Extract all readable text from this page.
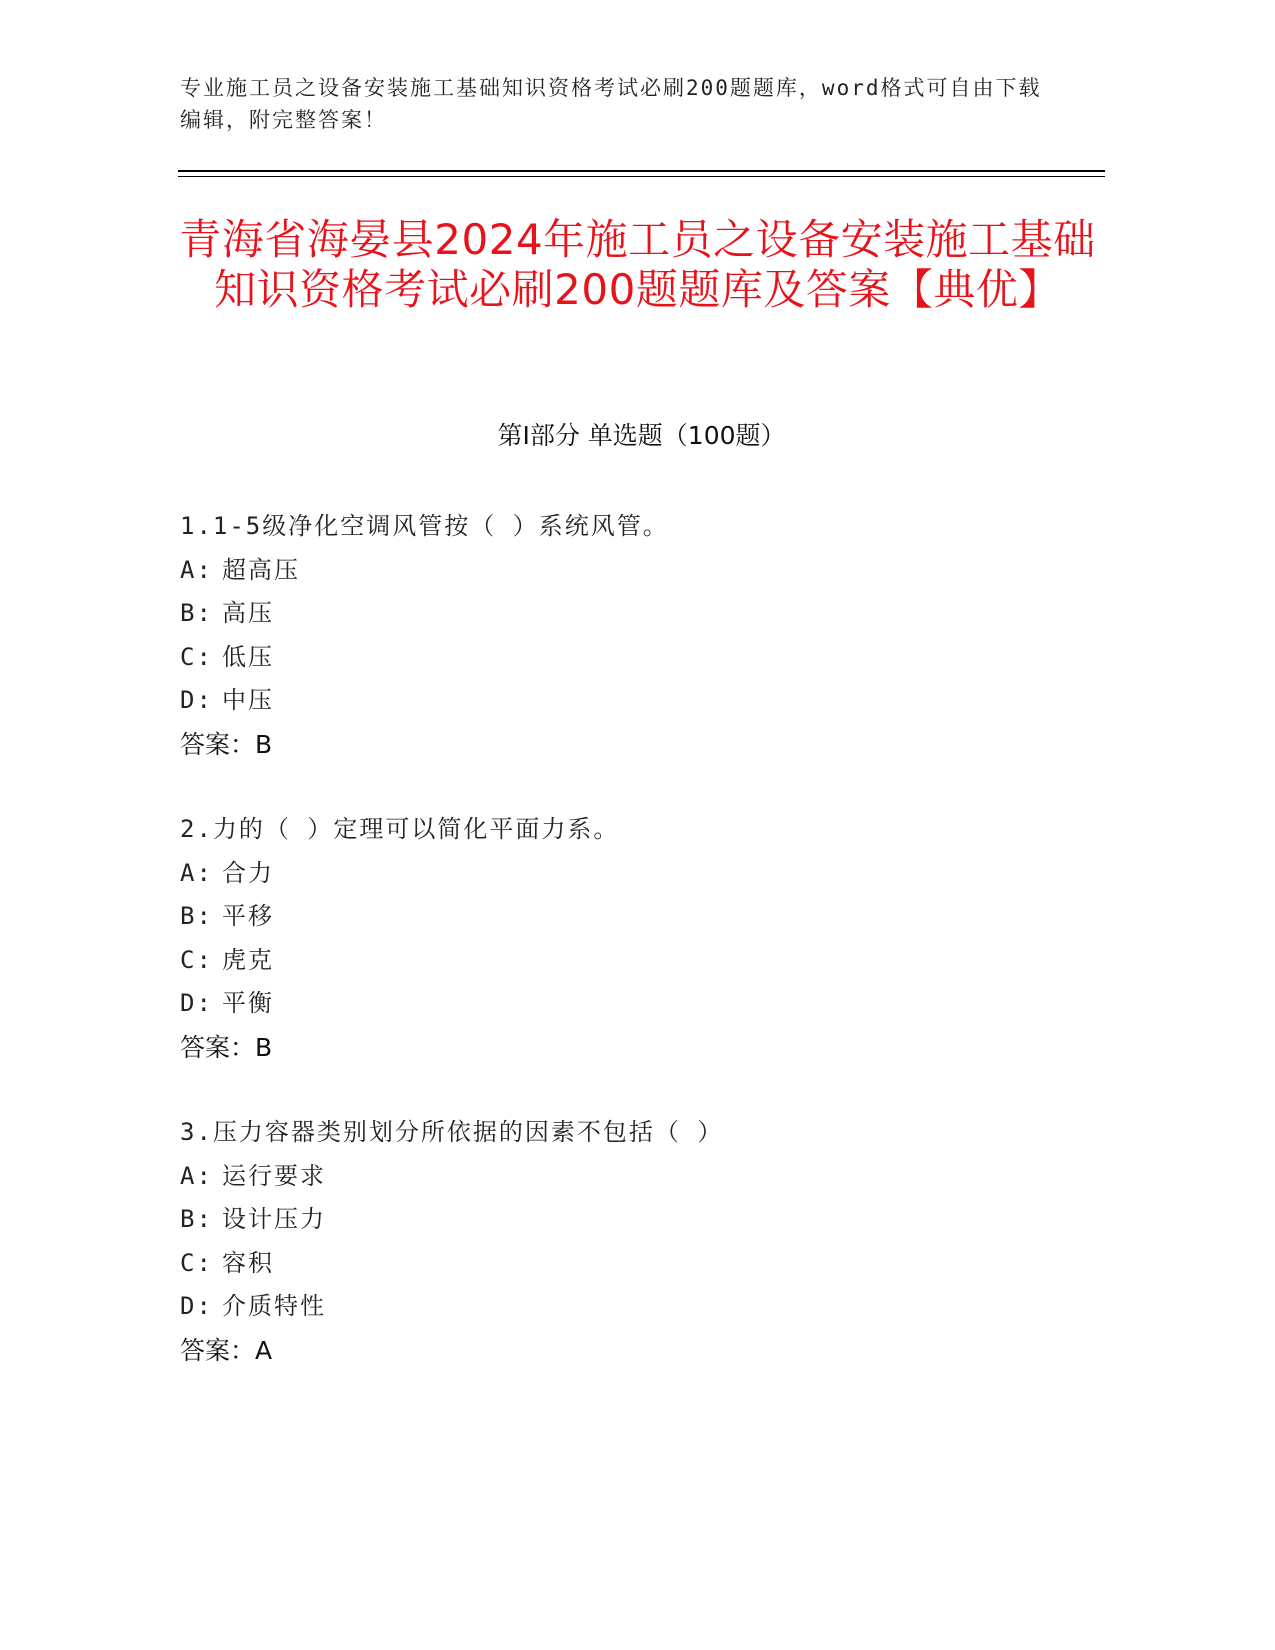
专业施工员之设备安装施工基础知识资格考试必刷200题题库，word格式可自由下载编辑，附完整答案！
青海省海晏县2024年施工员之设备安装施工基础知识资格考试必刷200题题库及答案【典优】
第Ⅰ部分 单选题（100题）
1.1-5级净化空调风管按（ ）系统风管。
A: 超高压
B: 高压
C: 低压
D: 中压
答案：B
2.力的（ ）定理可以简化平面力系。
A: 合力
B: 平移
C: 虎克
D: 平衡
答案：B
3.压力容器类别划分所依据的因素不包括（ ）
A: 运行要求
B: 设计压力
C: 容积
D: 介质特性
答案：A
